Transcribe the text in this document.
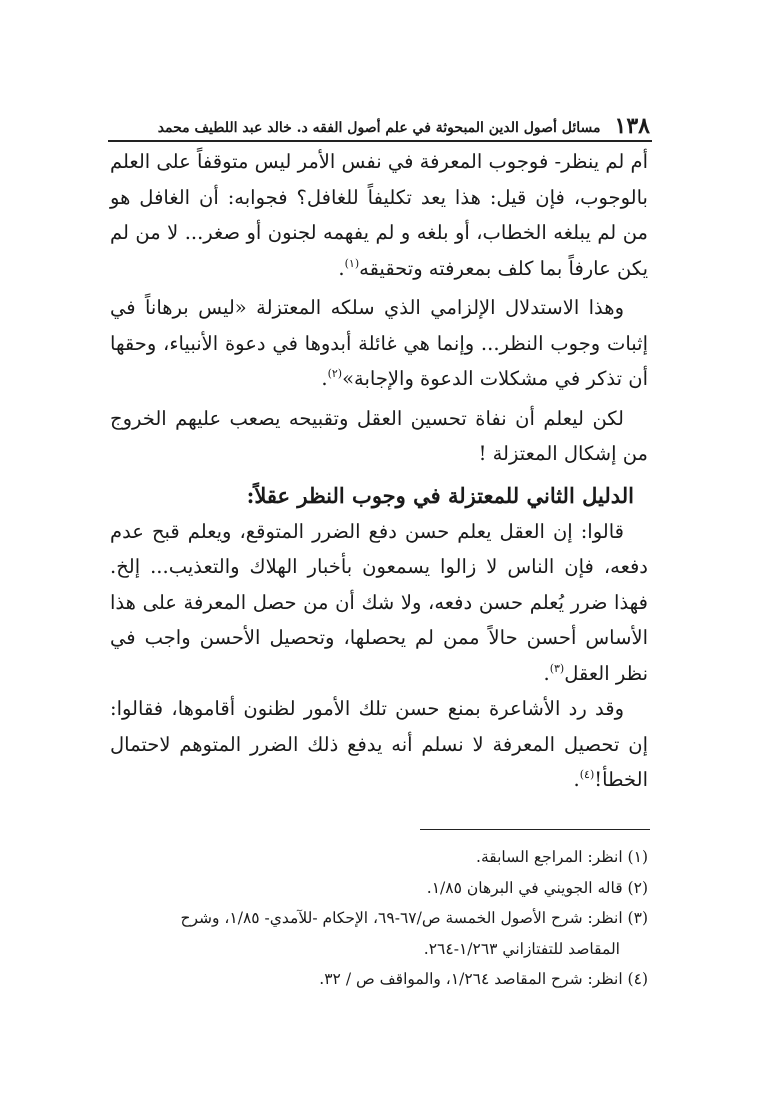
١٣٨
مسائل أصول الدين المبحوثة في علم أصول الفقه د. خالد عبد اللطيف محمد

أم لم ينظر- فوجوب المعرفة في نفس الأمر ليس متوقفاً على العلم بالوجوب، فإن قيل: هذا يعد تكليفاً للغافل؟ فجوابه: أن الغافل هو من لم يبلغه الخطاب، أو بلغه و لم يفهمه لجنون أو صغر... لا من لم يكن عارفاً بما كلف بمعرفته وتحقيقه$^{(١)}$.

وهذا الاستدلال الإلزامي الذي سلكه المعتزلة «ليس برهاناً في إثبات وجوب النظر... وإنما هي غائلة أبدوها في دعوة الأنبياء، وحقها أن تذكر في مشكلات الدعوة والإجابة»$^{(٢)}$.

لكن ليعلم أن نفاة تحسين العقل وتقبيحه يصعب عليهم الخروج من إشكال المعتزلة !

الدليل الثاني للمعتزلة في وجوب النظر عقلاً:

قالوا: إن العقل يعلم حسن دفع الضرر المتوقع، ويعلم قبح عدم دفعه، فإن الناس لا زالوا يسمعون بأخبار الهلاك والتعذيب... إلخ. فهذا ضرر يُعلم حسن دفعه، ولا شك أن من حصل المعرفة على هذا الأساس أحسن حالاً ممن لم يحصلها، وتحصيل الأحسن واجب في نظر العقل$^{(٣)}$.

وقد رد الأشاعرة بمنع حسن تلك الأمور لظنون أقاموها، فقالوا: إن تحصيل المعرفة لا نسلم أنه يدفع ذلك الضرر المتوهم لاحتمال الخطأ!$^{(٤)}$.

(١) انظر: المراجع السابقة.

(٢) قاله الجويني في البرهان ١/٨٥.

(٣) انظر: شرح الأصول الخمسة ص/٦٧-٦٩، الإحكام -للآمدي- ١/٨٥، وشرح

المقاصد للتفتازاني ١/٢٦٣-٢٦٤.

(٤) انظر: شرح المقاصد ١/٢٦٤، والمواقف ص / ٣٢.
